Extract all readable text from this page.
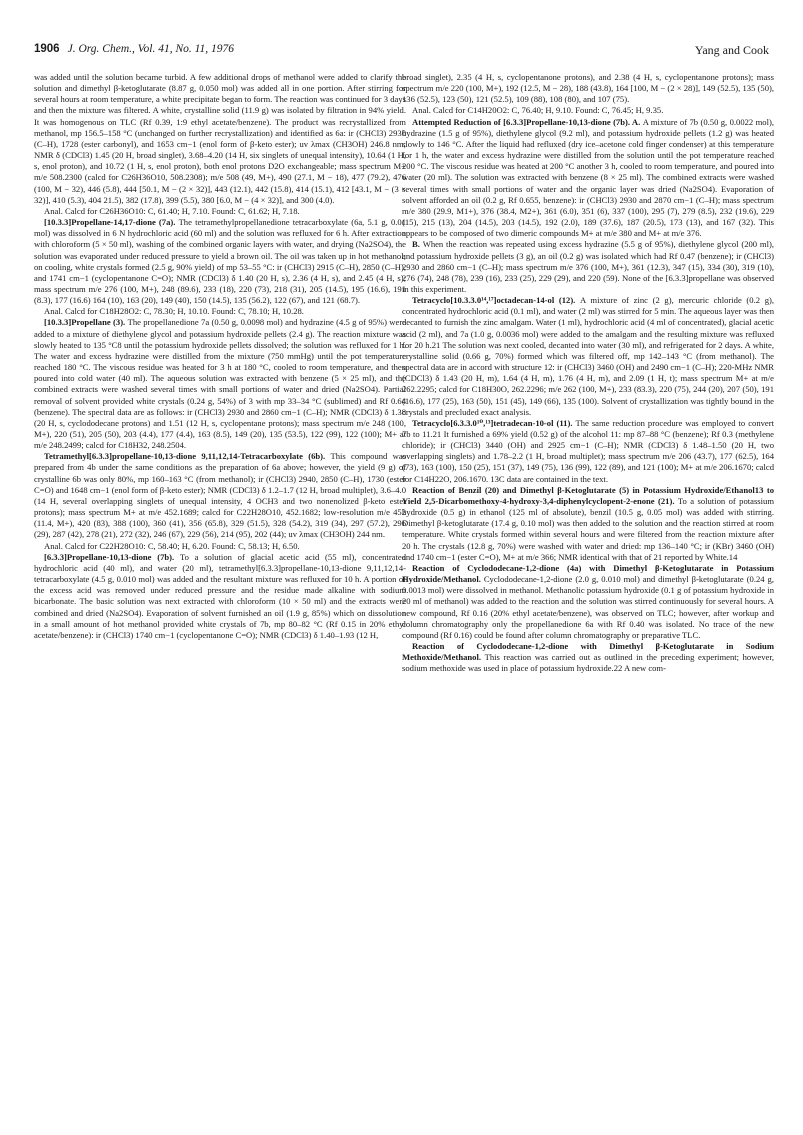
1906 J. Org. Chem., Vol. 41, No. 11, 1976	Yang and Cook

was added until the solution became turbid. A few additional drops of methanol were added to clarify the solution and dimethyl β-ketoglutarate (8.87 g, 0.050 mol) was added all in one portion. After stirring for several hours at room temperature, a white precipitate began to form. The reaction was continued for 3 days and then the mixture was filtered. A white, crystalline solid (11.9 g) was isolated by filtration in 94% yield. It was homogenous on TLC (Rf 0.39, 1:9 ethyl acetate/benzene). The product was recrystallized from methanol, mp 156.5–158 °C (unchanged on further recrystallization) and identified as 6a: ir (CHCl3) 2930 (C–H), 1728 (ester carbonyl), and 1653 cm−1 (enol form of β-keto ester); uv λmax (CH3OH) 246.8 nm; NMR δ (CDCl3) 1.45 (20 H, broad singlet), 3.68–4.20 (14 H, six singlets of unequal intensity), 10.64 (1 H, s, enol proton), and 10.72 (1 H, s, enol proton), both enol protons D2O exchangeable; mass spectrum M+ m/e 508.2300 (calcd for C26H36O10, 508.2308); m/e 508 (49, M+), 490 (27.1, M − 18), 477 (79.2), 476 (100, M − 32), 446 (5.8), 444 [50.1, M − (2 × 32)], 443 (12.1), 442 (15.8), 414 (15.1), 412 [43.1, M − (3 × 32)], 410 (5.3), 404 21.5), 382 (17.8), 399 (5.5), 380 [6.0, M − (4 × 32)], and 300 (4.0).

Anal. Calcd for C26H36O10: C, 61.40; H, 7.10. Found: C, 61.62; H, 7.18.

[10.3.3]Propellane-14,17-dione (7a). The tetramethylpropellanedione tetracarboxylate (6a, 5.1 g, 0.01 mol) was dissolved in 6 N hydrochloric acid (60 ml) and the solution was refluxed for 6 h. After extraction with chloroform (5 × 50 ml), washing of the combined organic layers with water, and drying (Na2SO4), the solution was evaporated under reduced pressure to yield a brown oil. The oil was taken up in hot methanol; on cooling, white crystals formed (2.5 g, 90% yield) of mp 53–55 °C: ir (CHCl3) 2915 (C–H), 2850 (C–H), and 1741 cm−1 (cyclopentanone C=O); NMR (CDCl3) δ 1.40 (20 H, s), 2.36 (4 H, s), and 2.45 (4 H, s); mass spectrum m/e 276 (100, M+), 248 (89.6), 233 (18), 220 (73), 218 (31), 205 (14.5), 195 (16.6), 191 (8.3), 177 (16.6) 164 (10), 163 (20), 149 (40), 150 (14.5), 135 (56.2), 122 (67), and 121 (68.7).

Anal. Calcd for C18H28O2: C, 78.30; H, 10.10. Found: C, 78.10; H, 10.28.

[10.3.3]Propellane (3). The propellanedione 7a (0.50 g, 0.0098 mol) and hydrazine (4.5 g of 95%) were added to a mixture of diethylene glycol and potassium hydroxide pellets (2.4 g). The reaction mixture was slowly heated to 135 °C8 until the potassium hydroxide pellets dissolved; the solution was refluxed for 1 h. The water and excess hydrazine were distilled from the mixture (750 mmHg) until the pot temperature reached 180 °C. The viscous residue was heated for 3 h at 180 °C, cooled to room temperature, and then poured into cold water (40 ml). The aqueous solution was extracted with benzene (5 × 25 ml), and the combined extracts were washed several times with small portions of water and dried (Na2SO4). Partial removal of solvent provided white crystals (0.24 g, 54%) of 3 with mp 33–34 °C (sublimed) and Rf 0.64 (benzene). The spectral data are as follows: ir (CHCl3) 2930 and 2860 cm−1 (C–H); NMR (CDCl3) δ 1.38 (20 H, s, cyclododecane protons) and 1.51 (12 H, s, cyclopentane protons); mass spectrum m/e 248 (100, M+), 220 (51), 205 (50), 203 (4.4), 177 (4.4), 163 (8.5), 149 (20), 135 (53.5), 122 (99), 122 (100); M+ at m/e 248.2499; calcd for C18H32, 248.2504.

Tetramethyl[6.3.3]propellane-10,13-dione 9,11,12,14-Tetracarboxylate (6b). This compound was prepared from 4b under the same conditions as the preparation of 6a above; however, the yield (9 g) of crystalline 6b was only 80%, mp 160–163 °C (from methanol); ir (CHCl3) 2940, 2850 (C–H), 1730 (ester C=O) and 1648 cm−1 (enol form of β-keto ester); NMR (CDCl3) δ 1.2–1.7 (12 H, broad multiplet), 3.6–4.0 (14 H, several overlapping singlets of unequal intensity, 4 OCH3 and two nonenolized β-keto ester protons); mass spectrum M+ at m/e 452.1689; calcd for C22H28O10, 452.1682; low-resolution m/e 452 (11.4, M+), 420 (83), 388 (100), 360 (41), 356 (65.8), 329 (51.5), 328 (54.2), 319 (34), 297 (57.2), 296 (29), 287 (42), 278 (21), 272 (32), 246 (67), 229 (56), 214 (95), 202 (44); uv λmax (CH3OH) 244 nm.

Anal. Calcd for C22H28O10: C, 58.40; H, 6.20. Found: C, 58.13; H, 6.50.

[6.3.3]Propellane-10,13-dione (7b). To a solution of glacial acetic acid (55 ml), concentrated hydrochloric acid (40 ml), and water (20 ml), tetramethyl[6.3.3]propellane-10,13-dione 9,11,12,14-tetracarboxylate (4.5 g, 0.010 mol) was added and the resultant mixture was refluxed for 10 h. A portion of the excess acid was removed under reduced pressure and the residue made alkaline with sodium bicarbonate. The basic solution was next extracted with chloroform (10 × 50 ml) and the extracts were combined and dried (Na2SO4). Evaporation of solvent furnished an oil (1.9 g, 85%) which on dissolution in a small amount of hot methanol provided white crystals of 7b, mp 80–82 °C (Rf 0.15 in 20% ethyl acetate/benzene): ir (CHCl3) 1740 cm−1 (cyclopentanone C=O); NMR (CDCl3) δ 1.40–1.93 (12 H,

broad singlet), 2.35 (4 H, s, cyclopentanone protons), and 2.38 (4 H, s, cyclopentanone protons); mass spectrum m/e 220 (100, M+), 192 (12.5, M − 28), 188 (43.8), 164 [100, M − (2 × 28)], 149 (52.5), 135 (50), 136 (52.5), 123 (50), 121 (52.5), 109 (88), 108 (80), and 107 (75).

Anal. Calcd for C14H20O2: C, 76.40; H, 9.10. Found: C, 76.45; H, 9.35.

Attempted Reduction of [6.3.3]Propellane-10,13-dione (7b). A. A mixture of 7b (0.50 g, 0.0022 mol), hydrazine (1.5 g of 95%), diethylene glycol (9.2 ml), and potassium hydroxide pellets (1.2 g) was heated slowly to 146 °C. After the liquid had refluxed (dry ice–acetone cold finger condenser) at this temperature for 1 h, the water and excess hydrazine were distilled from the solution until the pot temperature reached 200 °C. The viscous residue was heated at 200 °C another 3 h, cooled to room temperature, and poured into water (20 ml). The solution was extracted with benzene (8 × 25 ml). The combined extracts were washed several times with small portions of water and the organic layer was dried (Na2SO4). Evaporation of solvent afforded an oil (0.2 g, Rf 0.655, benzene): ir (CHCl3) 2930 and 2870 cm−1 (C–H); mass spectrum m/e 380 (29.9, M1+), 376 (38.4, M2+), 361 (6.0), 351 (6), 337 (100), 295 (7), 279 (8.5), 232 (19.6), 229 (15), 215 (13), 204 (14.5), 203 (14.5), 192 (2.0), 189 (37.6), 187 (20.5), 173 (13), and 167 (32). This appears to be composed of two dimeric compounds M+ at m/e 380 and M+ at m/e 376.

B. When the reaction was repeated using excess hydrazine (5.5 g of 95%), diethylene glycol (200 ml), and potassium hydroxide pellets (3 g), an oil (0.2 g) was isolated which had Rf 0.47 (benzene); ir (CHCl3) 2930 and 2860 cm−1 (C–H); mass spectrum m/e 376 (100, M+), 361 (12.3), 347 (15), 334 (30), 319 (10), 276 (74), 248 (78), 239 (16), 233 (25), 229 (29), and 220 (59). None of the [6.3.3]propellane was observed in this experiment.

Tetracyclo[10.3.3.0¹⁴,¹⁷]octadecan-14-ol (12). A mixture of zinc (2 g), mercuric chloride (0.2 g), concentrated hydrochloric acid (0.1 ml), and water (2 ml) was stirred for 5 min. The aqueous layer was then decanted to furnish the zinc amalgam. Water (1 ml), hydrochloric acid (4 ml of concentrated), glacial acetic acid (2 ml), and 7a (1.0 g, 0.0036 mol) were added to the amalgam and the resulting mixture was refluxed for 20 h.21 The solution was next cooled, decanted into water (30 ml), and refrigerated for 2 days. A white, crystalline solid (0.66 g, 70%) formed which was filtered off, mp 142–143 °C (from methanol). The spectral data are in accord with structure 12: ir (CHCl3) 3460 (OH) and 2490 cm−1 (C–H); 220-MHz NMR (CDCl3) δ 1.43 (20 H, m), 1.64 (4 H, m), 1.76 (4 H, m), and 2.09 (1 H, t); mass spectrum M+ at m/e 262.2295; calcd for C18H30O, 262.2296; m/e 262 (100, M+), 233 (83.3), 220 (75), 244 (20), 207 (50), 191 (16.6), 177 (25), 163 (50), 151 (45), 149 (66), 135 (100). Solvent of crystallization was tightly bound in the crystals and precluded exact analysis.

Tetracyclo[6.3.3.0¹⁰,¹³]tetradecan-10-ol (11). The same reduction procedure was employed to convert 7b to 11.21 It furnished a 69% yield (0.52 g) of the alcohol 11: mp 87–88 °C (benzene); Rf 0.3 (methylene chloride); ir (CHCl3) 3440 (OH) and 2925 cm−1 (C–H); NMR (CDCl3) δ 1.48–1.50 (20 H, two overlapping singlets) and 1.78–2.2 (1 H, broad multiplet); mass spectrum m/e 206 (43.7), 177 (62.5), 164 (73), 163 (100), 150 (25), 151 (37), 149 (75), 136 (99), 122 (89), and 121 (100); M+ at m/e 206.1670; calcd for C14H22O, 206.1670. 13C data are contained in the text.

Reaction of Benzil (20) and Dimethyl β-Ketoglutarate (5) in Potassium Hydroxide/Ethanol13 to Yield 2,5-Dicarbomethoxy-4-hydroxy-3,4-diphenylcyclopent-2-enone (21). To a solution of potassium hydroxide (0.5 g) in ethanol (125 ml of absolute), benzil (10.5 g, 0.05 mol) was added with stirring. Dimethyl β-ketoglutarate (17.4 g, 0.10 mol) was then added to the solution and the reaction stirred at room temperature. White crystals formed within several hours and were filtered from the reaction mixture after 20 h. The crystals (12.8 g, 70%) were washed with water and dried: mp 136–140 °C; ir (KBr) 3460 (OH) and 1740 cm−1 (ester C=O), M+ at m/e 366; NMR identical with that of 21 reported by White.14

Reaction of Cyclododecane-1,2-dione (4a) with Dimethyl β-Ketoglutarate in Potassium Hydroxide/Methanol. Cyclododecane-1,2-dione (2.0 g, 0.010 mol) and dimethyl β-ketoglutarate (0.24 g, 0.0013 mol) were dissolved in methanol. Methanolic potassium hydroxide (0.1 g of potassium hydroxide in 20 ml of methanol) was added to the reaction and the solution was stirred continuously for several hours. A new compound, Rf 0.16 (20% ethyl acetate/benzene), was observed on TLC; however, after workup and column chromatography only the propellanedione 6a with Rf 0.40 was isolated. No trace of the new compound (Rf 0.16) could be found after column chromatography or preparative TLC.

Reaction of Cyclododecane-1,2-dione with Dimethyl β-Ketoglutarate in Sodium Methoxide/Methanol. This reaction was carried out as outlined in the preceding experiment; however, sodium methoxide was used in place of potassium hydroxide.22 A new com-
